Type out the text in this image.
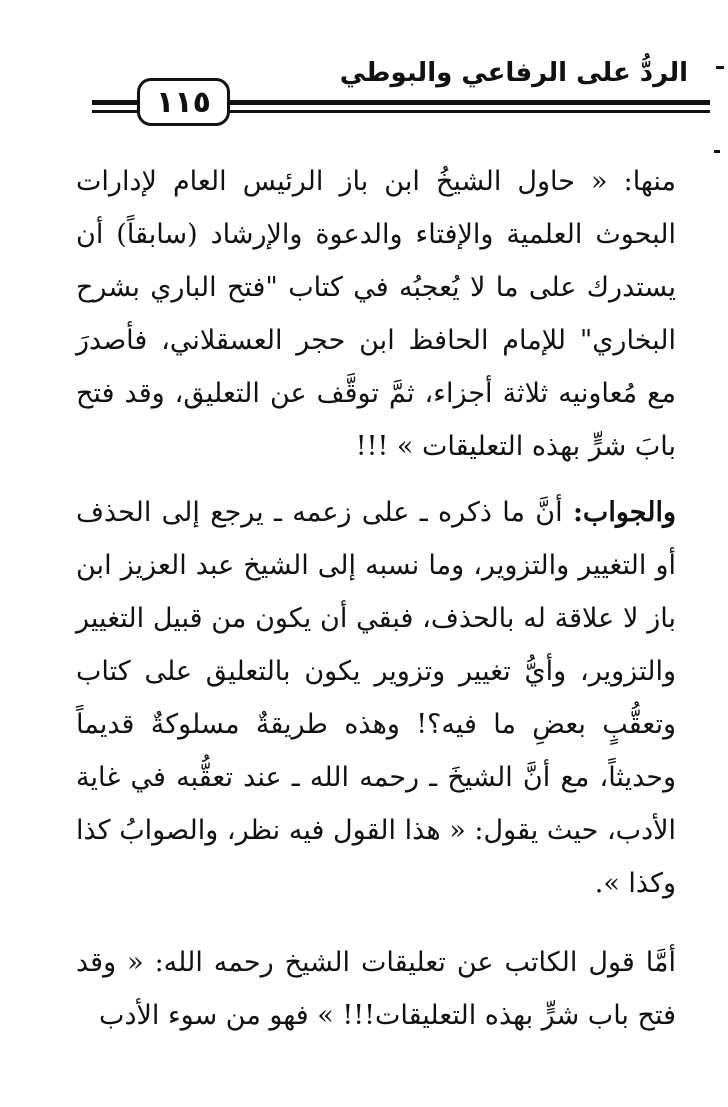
الردُّ على الرفاعي والبوطي
١١٥

منها: « حاول الشيخُ ابن باز الرئيس العام لإدارات البحوث العلمية والإفتاء والدعوة والإرشاد (سابقاً) أن يستدرك على ما لا يُعجبُه في كتاب "فتح الباري بشرح البخاري" للإمام الحافظ ابن حجر العسقلاني، فأصدرَ مع مُعاونيه ثلاثة أجزاء، ثمَّ توقَّف عن التعليق، وقد فتح بابَ شرٍّ بهذه التعليقات » !!!

والجواب: أنَّ ما ذكره ـ على زعمه ـ يرجع إلى الحذف أو التغيير والتزوير، وما نسبه إلى الشيخ عبد العزيز ابن باز لا علاقة له بالحذف، فبقي أن يكون من قبيل التغيير والتزوير، وأيُّ تغيير وتزوير يكون بالتعليق على كتاب وتعقُّبٍ بعضِ ما فيه؟! وهذه طريقةٌ مسلوكةٌ قديماً وحديثاً، مع أنَّ الشيخَ ـ رحمه الله ـ عند تعقُّبه في غاية الأدب، حيث يقول: « هذا القول فيه نظر، والصوابُ كذا وكذا ».

أمَّا قول الكاتب عن تعليقات الشيخ رحمه الله: « وقد فتح باب شرٍّ بهذه التعليقات!!! » فهو من سوء الأدب
